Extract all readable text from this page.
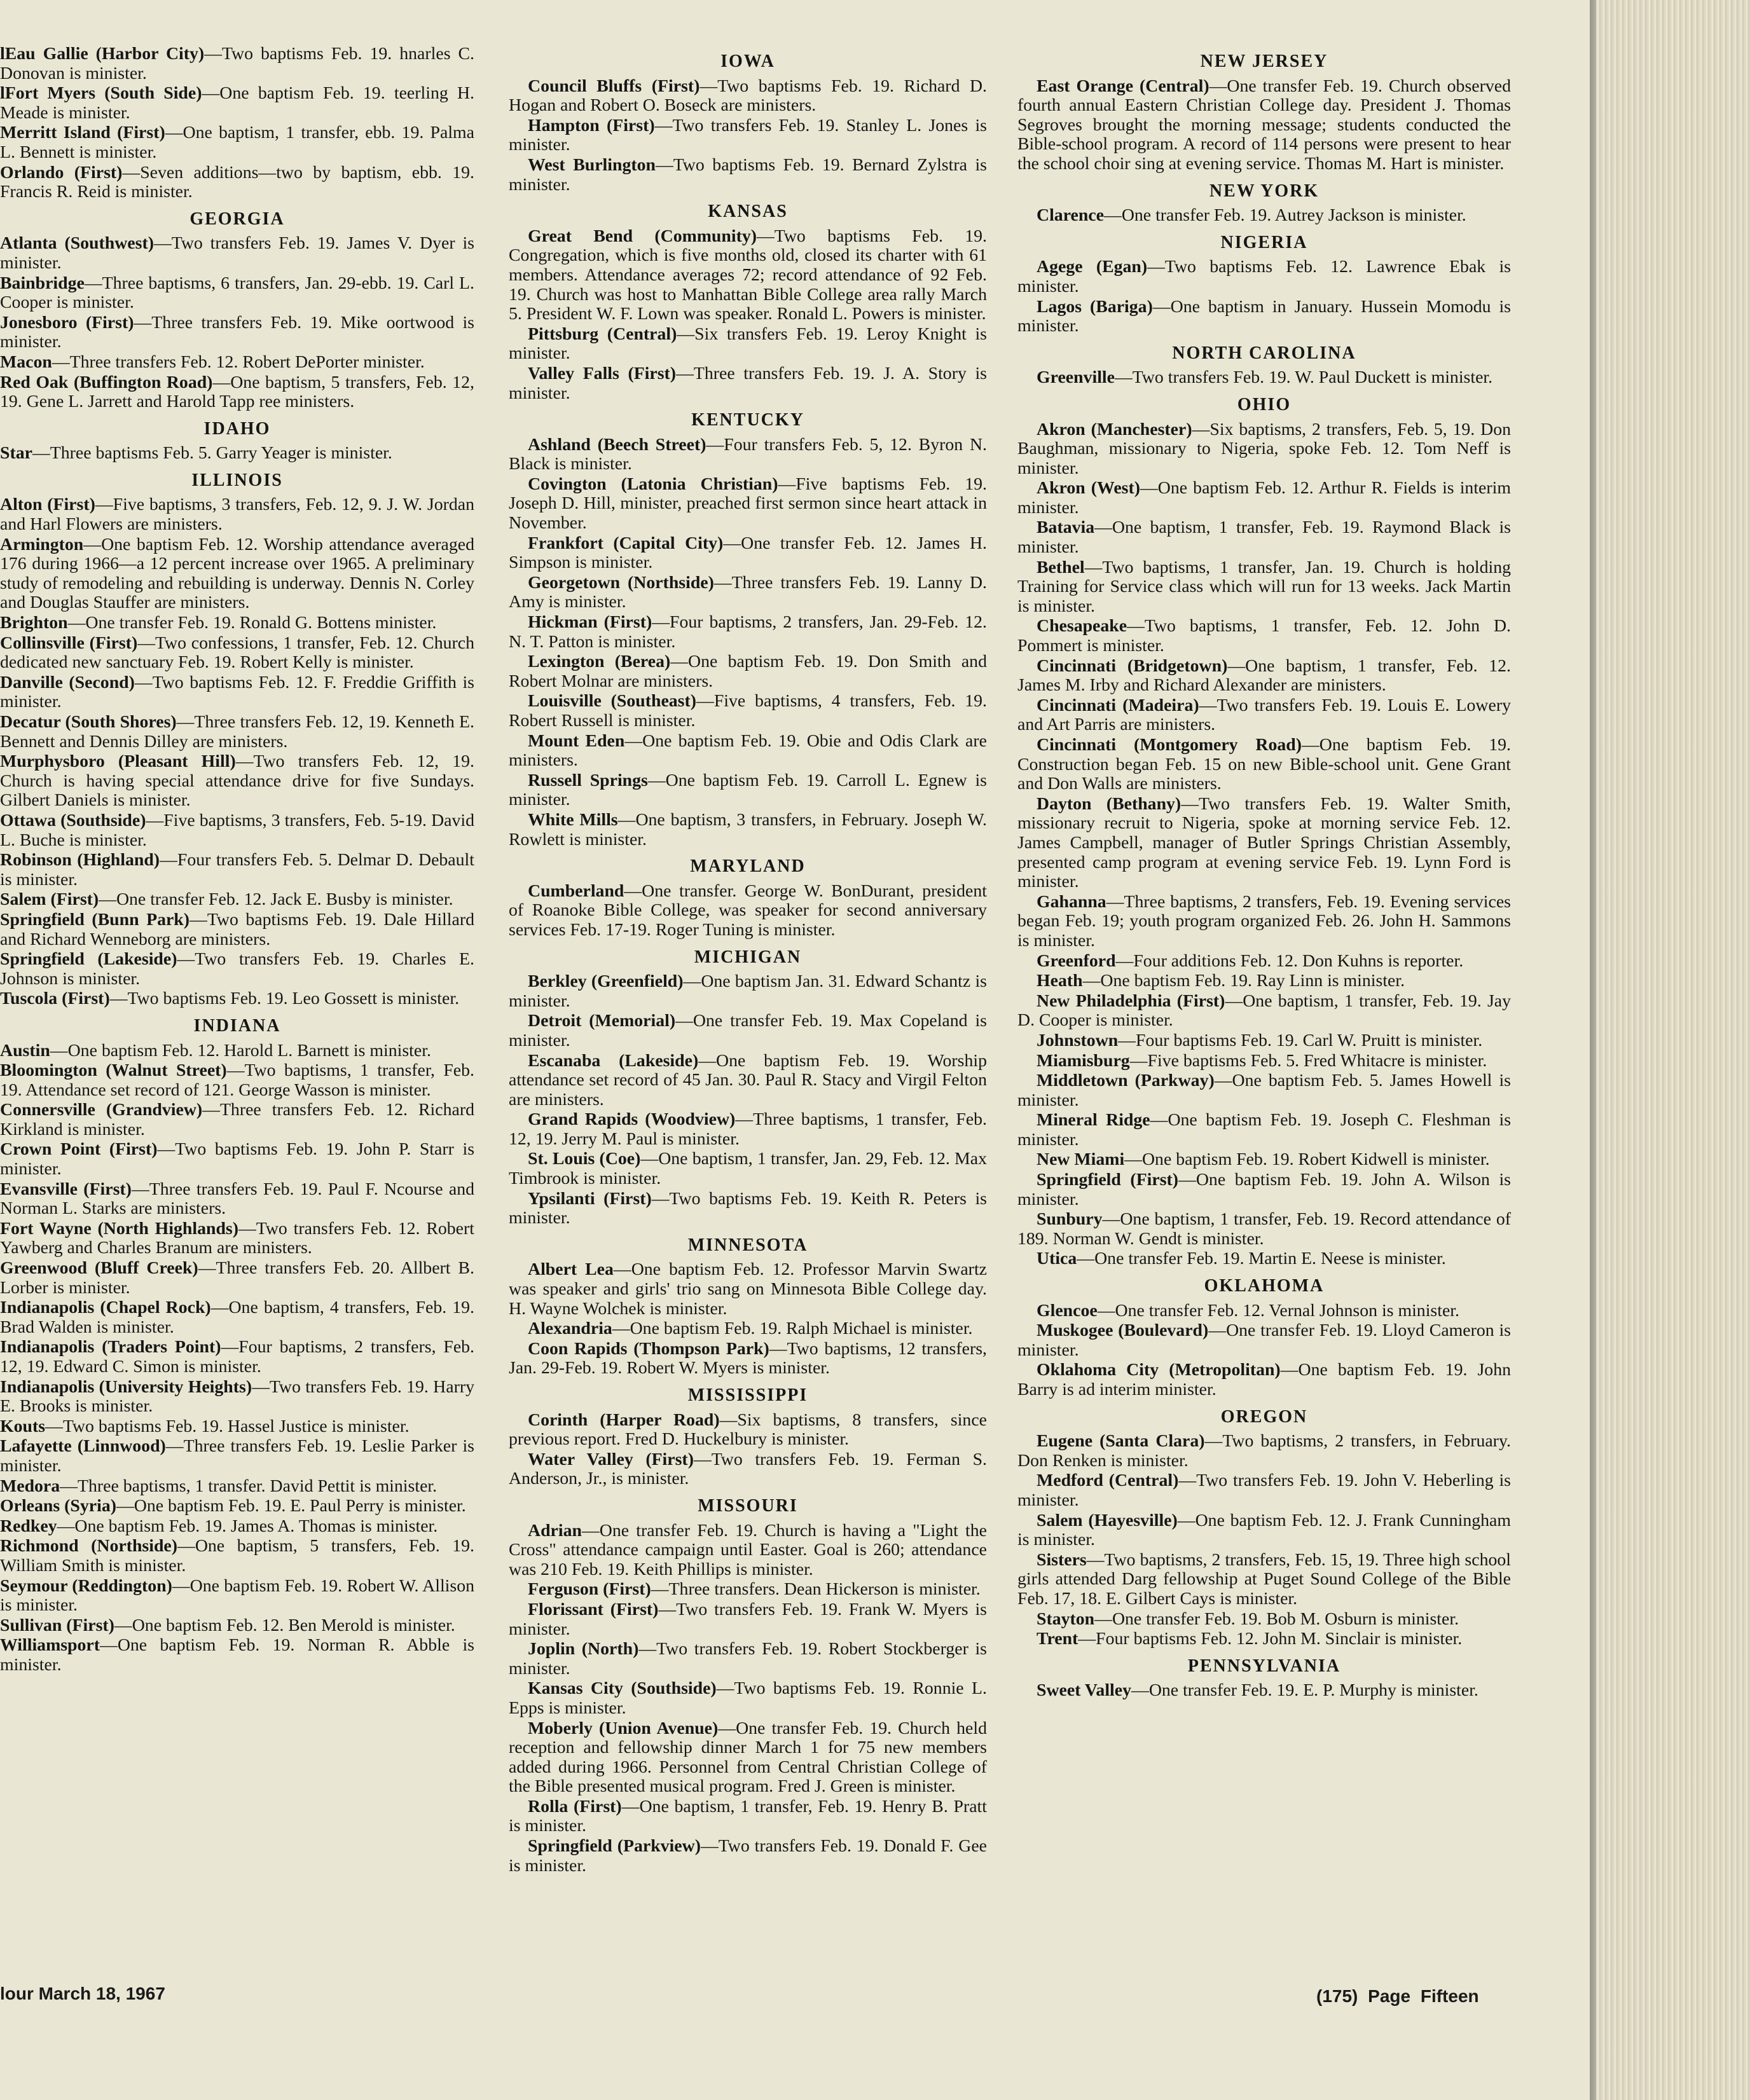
lEau Gallie (Harbor City)—Two baptisms Feb. 19. hnarles C. Donovan is minister.
lFort Myers (South Side)—One baptism Feb. 19. teerling H. Meade is minister.
Merritt Island (First)—One baptism, 1 transfer, ebb. 19. Palma L. Bennett is minister.
Orlando (First)—Seven additions—two by baptism, ebb. 19. Francis R. Reid is minister.
GEORGIA
Atlanta (Southwest)—Two transfers Feb. 19. James V. Dyer is minister.
Bainbridge—Three baptisms, 6 transfers, Jan. 29-ebb. 19. Carl L. Cooper is minister.
Jonesboro (First)—Three transfers Feb. 19. Mike oortwood is minister.
Macon—Three transfers Feb. 12. Robert DePorter minister.
Red Oak (Buffington Road)—One baptism, 5 transfers, Feb. 12, 19. Gene L. Jarrett and Harold Tapp ree ministers.
IDAHO
Star—Three baptisms Feb. 5. Garry Yeager is minister.
ILLINOIS
Alton (First)—Five baptisms, 3 transfers, Feb. 12, 9. J. W. Jordan and Harl Flowers are ministers.
Armington—One baptism Feb. 12. Worship attendance averaged 176 during 1966—a 12 percent increase over 1965. A preliminary study of remodeling and rebuilding is underway. Dennis N. Corley and Douglas Stauffer are ministers.
Brighton—One transfer Feb. 19. Ronald G. Bottens minister.
Collinsville (First)—Two confessions, 1 transfer, Feb. 12. Church dedicated new sanctuary Feb. 19. Robert Kelly is minister.
Danville (Second)—Two baptisms Feb. 12. F. Freddie Griffith is minister.
Decatur (South Shores)—Three transfers Feb. 12, 19. Kenneth E. Bennett and Dennis Dilley are ministers.
Murphysboro (Pleasant Hill)—Two transfers Feb. 12, 19. Church is having special attendance drive for five Sundays. Gilbert Daniels is minister.
Ottawa (Southside)—Five baptisms, 3 transfers, Feb. 5-19. David L. Buche is minister.
Robinson (Highland)—Four transfers Feb. 5. Delmar D. Debault is minister.
Salem (First)—One transfer Feb. 12. Jack E. Busby is minister.
Springfield (Bunn Park)—Two baptisms Feb. 19. Dale Hillard and Richard Wenneborg are ministers.
Springfield (Lakeside)—Two transfers Feb. 19. Charles E. Johnson is minister.
Tuscola (First)—Two baptisms Feb. 19. Leo Gossett is minister.
INDIANA
Austin—One baptism Feb. 12. Harold L. Barnett is minister.
Bloomington (Walnut Street)—Two baptisms, 1 transfer, Feb. 19. Attendance set record of 121. George Wasson is minister.
Connersville (Grandview)—Three transfers Feb. 12. Richard Kirkland is minister.
Crown Point (First)—Two baptisms Feb. 19. John P. Starr is minister.
Evansville (First)—Three transfers Feb. 19. Paul F. Ncourse and Norman L. Starks are ministers.
Fort Wayne (North Highlands)—Two transfers Feb. 12. Robert Yawberg and Charles Branum are ministers.
Greenwood (Bluff Creek)—Three transfers Feb. 20. Allbert B. Lorber is minister.
Indianapolis (Chapel Rock)—One baptism, 4 transfers, Feb. 19. Brad Walden is minister.
Indianapolis (Traders Point)—Four baptisms, 2 transfers, Feb. 12, 19. Edward C. Simon is minister.
Indianapolis (University Heights)—Two transfers Feb. 19. Harry E. Brooks is minister.
Kouts—Two baptisms Feb. 19. Hassel Justice is minister.
Lafayette (Linnwood)—Three transfers Feb. 19. Leslie Parker is minister.
Medora—Three baptisms, 1 transfer. David Pettit is minister.
Orleans (Syria)—One baptism Feb. 19. E. Paul Perry is minister.
Redkey—One baptism Feb. 19. James A. Thomas is minister.
Richmond (Northside)—One baptism, 5 transfers, Feb. 19. William Smith is minister.
Seymour (Reddington)—One baptism Feb. 19. Robert W. Allison is minister.
Sullivan (First)—One baptism Feb. 12. Ben Merold is minister.
Williamsport—One baptism Feb. 19. Norman R. Abble is minister.
IOWA
Council Bluffs (First)—Two baptisms Feb. 19. Richard D. Hogan and Robert O. Boseck are ministers.
Hampton (First)—Two transfers Feb. 19. Stanley L. Jones is minister.
West Burlington—Two baptisms Feb. 19. Bernard Zylstra is minister.
KANSAS
Great Bend (Community)—Two baptisms Feb. 19. Congregation, which is five months old, closed its charter with 61 members. Attendance averages 72; record attendance of 92 Feb. 19. Church was host to Manhattan Bible College area rally March 5. President W. F. Lown was speaker. Ronald L. Powers is minister.
Pittsburg (Central)—Six transfers Feb. 19. Leroy Knight is minister.
Valley Falls (First)—Three transfers Feb. 19. J. A. Story is minister.
KENTUCKY
Ashland (Beech Street)—Four transfers Feb. 5, 12. Byron N. Black is minister.
Covington (Latonia Christian)—Five baptisms Feb. 19. Joseph D. Hill, minister, preached first sermon since heart attack in November.
Frankfort (Capital City)—One transfer Feb. 12. James H. Simpson is minister.
Georgetown (Northside)—Three transfers Feb. 19. Lanny D. Amy is minister.
Hickman (First)—Four baptisms, 2 transfers, Jan. 29-Feb. 12. N. T. Patton is minister.
Lexington (Berea)—One baptism Feb. 19. Don Smith and Robert Molnar are ministers.
Louisville (Southeast)—Five baptisms, 4 transfers, Feb. 19. Robert Russell is minister.
Mount Eden—One baptism Feb. 19. Obie and Odis Clark are ministers.
Russell Springs—One baptism Feb. 19. Carroll L. Egnew is minister.
White Mills—One baptism, 3 transfers, in February. Joseph W. Rowlett is minister.
MARYLAND
Cumberland—One transfer. George W. BonDurant, president of Roanoke Bible College, was speaker for second anniversary services Feb. 17-19. Roger Tuning is minister.
MICHIGAN
Berkley (Greenfield)—One baptism Jan. 31. Edward Schantz is minister.
Detroit (Memorial)—One transfer Feb. 19. Max Copeland is minister.
Escanaba (Lakeside)—One baptism Feb. 19. Worship attendance set record of 45 Jan. 30. Paul R. Stacy and Virgil Felton are ministers.
Grand Rapids (Woodview)—Three baptisms, 1 transfer, Feb. 12, 19. Jerry M. Paul is minister.
St. Louis (Coe)—One baptism, 1 transfer, Jan. 29, Feb. 12. Max Timbrook is minister.
Ypsilanti (First)—Two baptisms Feb. 19. Keith R. Peters is minister.
MINNESOTA
Albert Lea—One baptism Feb. 12. Professor Marvin Swartz was speaker and girls' trio sang on Minnesota Bible College day. H. Wayne Wolchek is minister.
Alexandria—One baptism Feb. 19. Ralph Michael is minister.
Coon Rapids (Thompson Park)—Two baptisms, 12 transfers, Jan. 29-Feb. 19. Robert W. Myers is minister.
MISSISSIPPI
Corinth (Harper Road)—Six baptisms, 8 transfers, since previous report. Fred D. Huckelbury is minister.
Water Valley (First)—Two transfers Feb. 19. Ferman S. Anderson, Jr., is minister.
MISSOURI
Adrian—One transfer Feb. 19. Church is having a "Light the Cross" attendance campaign until Easter. Goal is 260; attendance was 210 Feb. 19. Keith Phillips is minister.
Ferguson (First)—Three transfers. Dean Hickerson is minister.
Florissant (First)—Two transfers Feb. 19. Frank W. Myers is minister.
Joplin (North)—Two transfers Feb. 19. Robert Stockberger is minister.
Kansas City (Southside)—Two baptisms Feb. 19. Ronnie L. Epps is minister.
Moberly (Union Avenue)—One transfer Feb. 19. Church held reception and fellowship dinner March 1 for 75 new members added during 1966. Personnel from Central Christian College of the Bible presented musical program. Fred J. Green is minister.
Rolla (First)—One baptism, 1 transfer, Feb. 19. Henry B. Pratt is minister.
Springfield (Parkview)—Two transfers Feb. 19. Donald F. Gee is minister.
NEW JERSEY
East Orange (Central)—One transfer Feb. 19. Church observed fourth annual Eastern Christian College day. President J. Thomas Segroves brought the morning message; students conducted the Bible-school program. A record of 114 persons were present to hear the school choir sing at evening service. Thomas M. Hart is minister.
NEW YORK
Clarence—One transfer Feb. 19. Autrey Jackson is minister.
NIGERIA
Agege (Egan)—Two baptisms Feb. 12. Lawrence Ebak is minister.
Lagos (Bariga)—One baptism in January. Hussein Momodu is minister.
NORTH CAROLINA
Greenville—Two transfers Feb. 19. W. Paul Duckett is minister.
OHIO
Akron (Manchester)—Six baptisms, 2 transfers, Feb. 5, 19. Don Baughman, missionary to Nigeria, spoke Feb. 12. Tom Neff is minister.
Akron (West)—One baptism Feb. 12. Arthur R. Fields is interim minister.
Batavia—One baptism, 1 transfer, Feb. 19. Raymond Black is minister.
Bethel—Two baptisms, 1 transfer, Jan. 19. Church is holding Training for Service class which will run for 13 weeks. Jack Martin is minister.
Chesapeake—Two baptisms, 1 transfer, Feb. 12. John D. Pommert is minister.
Cincinnati (Bridgetown)—One baptism, 1 transfer, Feb. 12. James M. Irby and Richard Alexander are ministers.
Cincinnati (Madeira)—Two transfers Feb. 19. Louis E. Lowery and Art Parris are ministers.
Cincinnati (Montgomery Road)—One baptism Feb. 19. Construction began Feb. 15 on new Bible-school unit. Gene Grant and Don Walls are ministers.
Dayton (Bethany)—Two transfers Feb. 19. Walter Smith, missionary recruit to Nigeria, spoke at morning service Feb. 12. James Campbell, manager of Butler Springs Christian Assembly, presented camp program at evening service Feb. 19. Lynn Ford is minister.
Gahanna—Three baptisms, 2 transfers, Feb. 19. Evening services began Feb. 19; youth program organized Feb. 26. John H. Sammons is minister.
Greenford—Four additions Feb. 12. Don Kuhns is reporter.
Heath—One baptism Feb. 19. Ray Linn is minister.
New Philadelphia (First)—One baptism, 1 transfer, Feb. 19. Jay D. Cooper is minister.
Johnstown—Four baptisms Feb. 19. Carl W. Pruitt is minister.
Miamisburg—Five baptisms Feb. 5. Fred Whitacre is minister.
Middletown (Parkway)—One baptism Feb. 5. James Howell is minister.
Mineral Ridge—One baptism Feb. 19. Joseph C. Fleshman is minister.
New Miami—One baptism Feb. 19. Robert Kidwell is minister.
Springfield (First)—One baptism Feb. 19. John A. Wilson is minister.
Sunbury—One baptism, 1 transfer, Feb. 19. Record attendance of 189. Norman W. Gendt is minister.
Utica—One transfer Feb. 19. Martin E. Neese is minister.
OKLAHOMA
Glencoe—One transfer Feb. 12. Vernal Johnson is minister.
Muskogee (Boulevard)—One transfer Feb. 19. Lloyd Cameron is minister.
Oklahoma City (Metropolitan)—One baptism Feb. 19. John Barry is ad interim minister.
OREGON
Eugene (Santa Clara)—Two baptisms, 2 transfers, in February. Don Renken is minister.
Medford (Central)—Two transfers Feb. 19. John V. Heberling is minister.
Salem (Hayesville)—One baptism Feb. 12. J. Frank Cunningham is minister.
Sisters—Two baptisms, 2 transfers, Feb. 15, 19. Three high school girls attended Darg fellowship at Puget Sound College of the Bible Feb. 17, 18. E. Gilbert Cays is minister.
Stayton—One transfer Feb. 19. Bob M. Osburn is minister.
Trent—Four baptisms Feb. 12. John M. Sinclair is minister.
PENNSYLVANIA
Sweet Valley—One transfer Feb. 19. E. P. Murphy is minister.
lour March 18, 1967	(175) Page Fifteen
